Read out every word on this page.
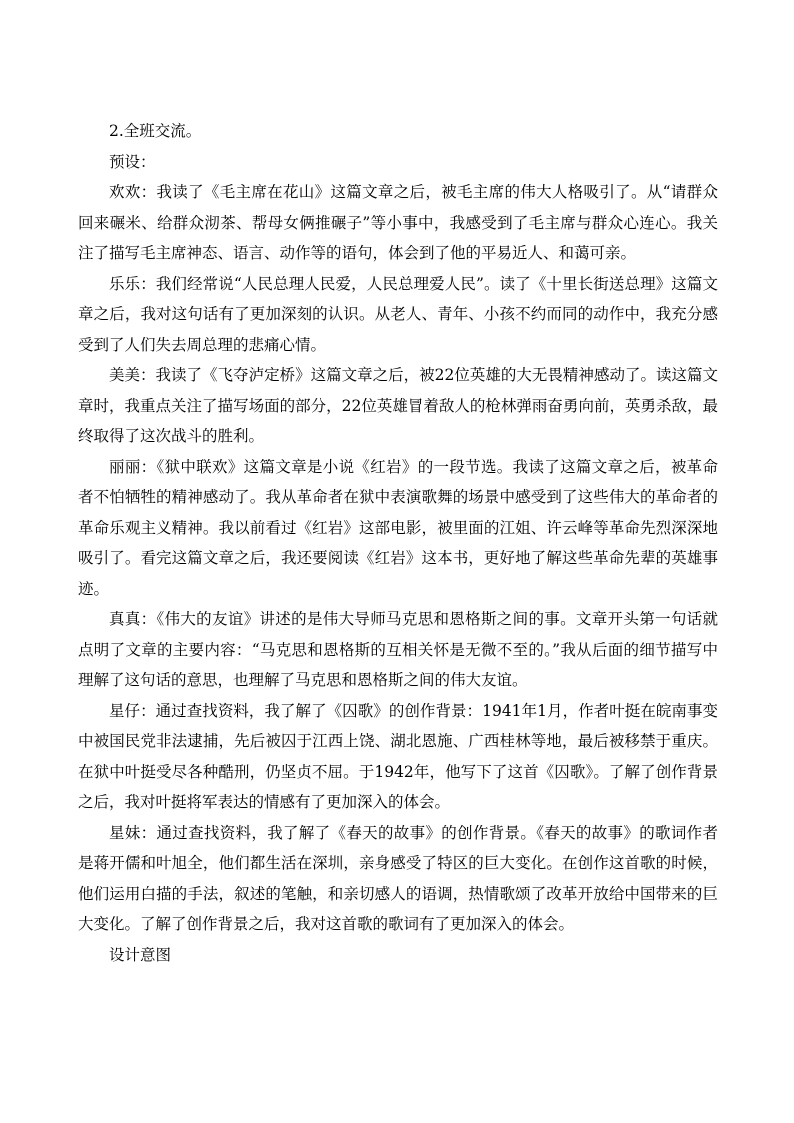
2.全班交流。

预设：

欢欢：我读了《毛主席在花山》这篇文章之后，被毛主席的伟大人格吸引了。从“请群众回来碾米、给群众沏茶、帮母女俩推碾子”等小事中，我感受到了毛主席与群众心连心。我关注了描写毛主席神态、语言、动作等的语句，体会到了他的平易近人、和蔼可亲。

乐乐：我们经常说“人民总理人民爱，人民总理爱人民”。读了《十里长街送总理》这篇文章之后，我对这句话有了更加深刻的认识。从老人、青年、小孩不约而同的动作中，我充分感受到了人们失去周总理的悲痛心情。

美美：我读了《飞夺泸定桥》这篇文章之后，被22位英雄的大无畏精神感动了。读这篇文章时，我重点关注了描写场面的部分，22位英雄冒着敌人的枪林弹雨奋勇向前，英勇杀敌，最终取得了这次战斗的胜利。

丽丽：《狱中联欢》这篇文章是小说《红岩》的一段节选。我读了这篇文章之后，被革命者不怕牺牲的精神感动了。我从革命者在狱中表演歌舞的场景中感受到了这些伟大的革命者的革命乐观主义精神。我以前看过《红岩》这部电影，被里面的江姐、许云峰等革命先烈深深地吸引了。看完这篇文章之后，我还要阅读《红岩》这本书，更好地了解这些革命先辈的英雄事迹。

真真：《伟大的友谊》讲述的是伟大导师马克思和恩格斯之间的事。文章开头第一句话就点明了文章的主要内容：“马克思和恩格斯的互相关怀是无微不至的。”我从后面的细节描写中理解了这句话的意思，也理解了马克思和恩格斯之间的伟大友谊。

星仔：通过查找资料，我了解了《囚歌》的创作背景：1941年1月，作者叶挺在皖南事变中被国民党非法逮捕，先后被囚于江西上饶、湖北恩施、广西桂林等地，最后被移禁于重庆。在狱中叶挺受尽各种酷刑，仍坚贞不屈。于1942年，他写下了这首《囚歌》。了解了创作背景之后，我对叶挺将军表达的情感有了更加深入的体会。

星妹：通过查找资料，我了解了《春天的故事》的创作背景。《春天的故事》的歌词作者是蒋开儒和叶旭全，他们都生活在深圳，亲身感受了特区的巨大变化。在创作这首歌的时候，他们运用白描的手法，叙述的笔触，和亲切感人的语调，热情歌颂了改革开放给中国带来的巨大变化。了解了创作背景之后，我对这首歌的歌词有了更加深入的体会。

设计意图
